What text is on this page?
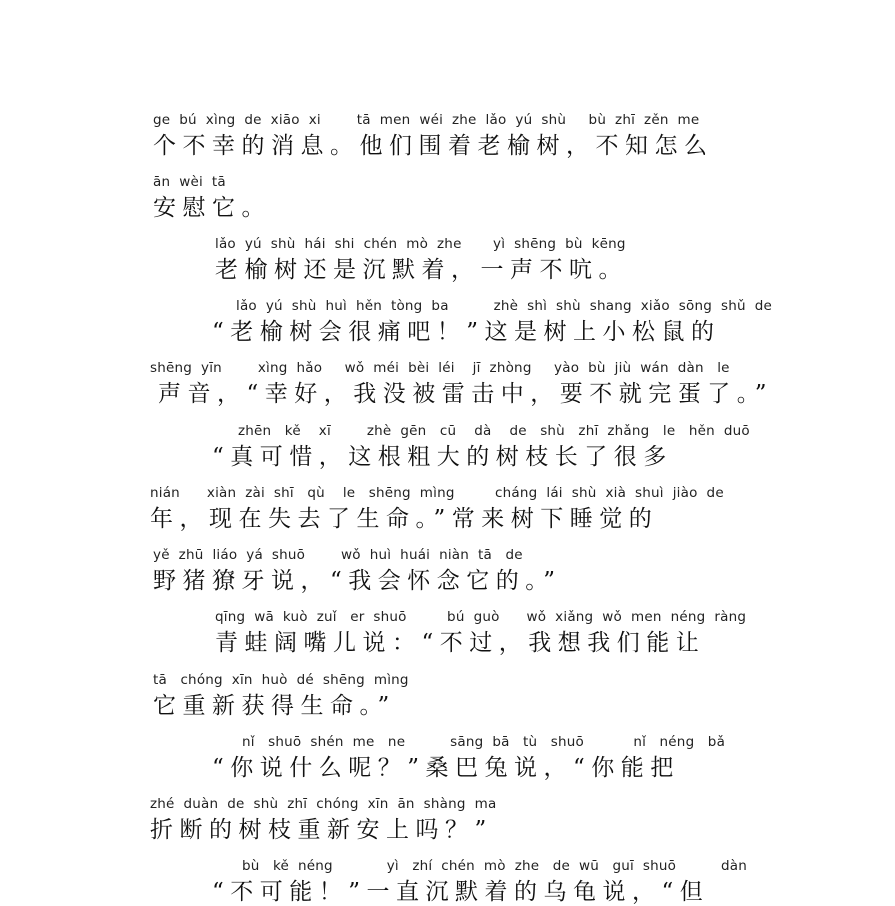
ge  bú  xìng  de  xiāo  xi        tā  men  wéi  zhe  lǎo  yú  shù     bù  zhī  zěn  me
个不幸的消息。他们围着老榆树，不知怎么
ān  wèi  tā
安慰它。
lǎo  yú  shù  hái  shi  chén  mò  zhe       yì  shēng  bù  kēng
老榆树还是沉默着，一声不吭。
lǎo  yú  shù  huì  hěn  tòng  ba          zhè  shì  shù  shang  xiǎo  sōng  shǔ  de
“老榆树会很痛吧！”这是树上小松鼠的
shēng  yīn        xìng  hǎo     wǒ  méi  bèi  léi    jī  zhòng     yào  bù  jiù  wán  dàn   le
声音，“幸好，我没被雷击中，要不就完蛋了。”
zhēn   kě    xī        zhè  gēn   cū    dà    de   shù   zhī  zhǎng   le   hěn  duō
“真可惜，这根粗大的树枝长了很多
nián      xiàn  zài  shī   qù    le   shēng  mìng         cháng  lái  shù  xià  shuì  jiào  de
年，现在失去了生命。”常来树下睡觉的
yě  zhū  liáo  yá  shuō        wǒ  huì  huái  niàn  tā   de
野猪獠牙说，“我会怀念它的。”
qīng  wā  kuò  zuǐ   er  shuō         bú  guò      wǒ  xiǎng  wǒ  men  néng  ràng
青蛙阔嘴儿说：“不过，我想我们能让
tā   chóng  xīn  huò  dé  shēng  mìng
它重新获得生命。”
nǐ   shuō  shén  me   ne          sāng  bā   tù   shuō           nǐ   néng   bǎ
“你说什么呢？”桑巴兔说，“你能把
zhé  duàn  de  shù  zhī  chóng  xīn  ān  shàng  ma
折断的树枝重新安上吗？”
bù   kě  néng            yì   zhí  chén  mò  zhe   de  wū   guī  shuō          dàn
“不可能！”一直沉默着的乌龟说，“但
